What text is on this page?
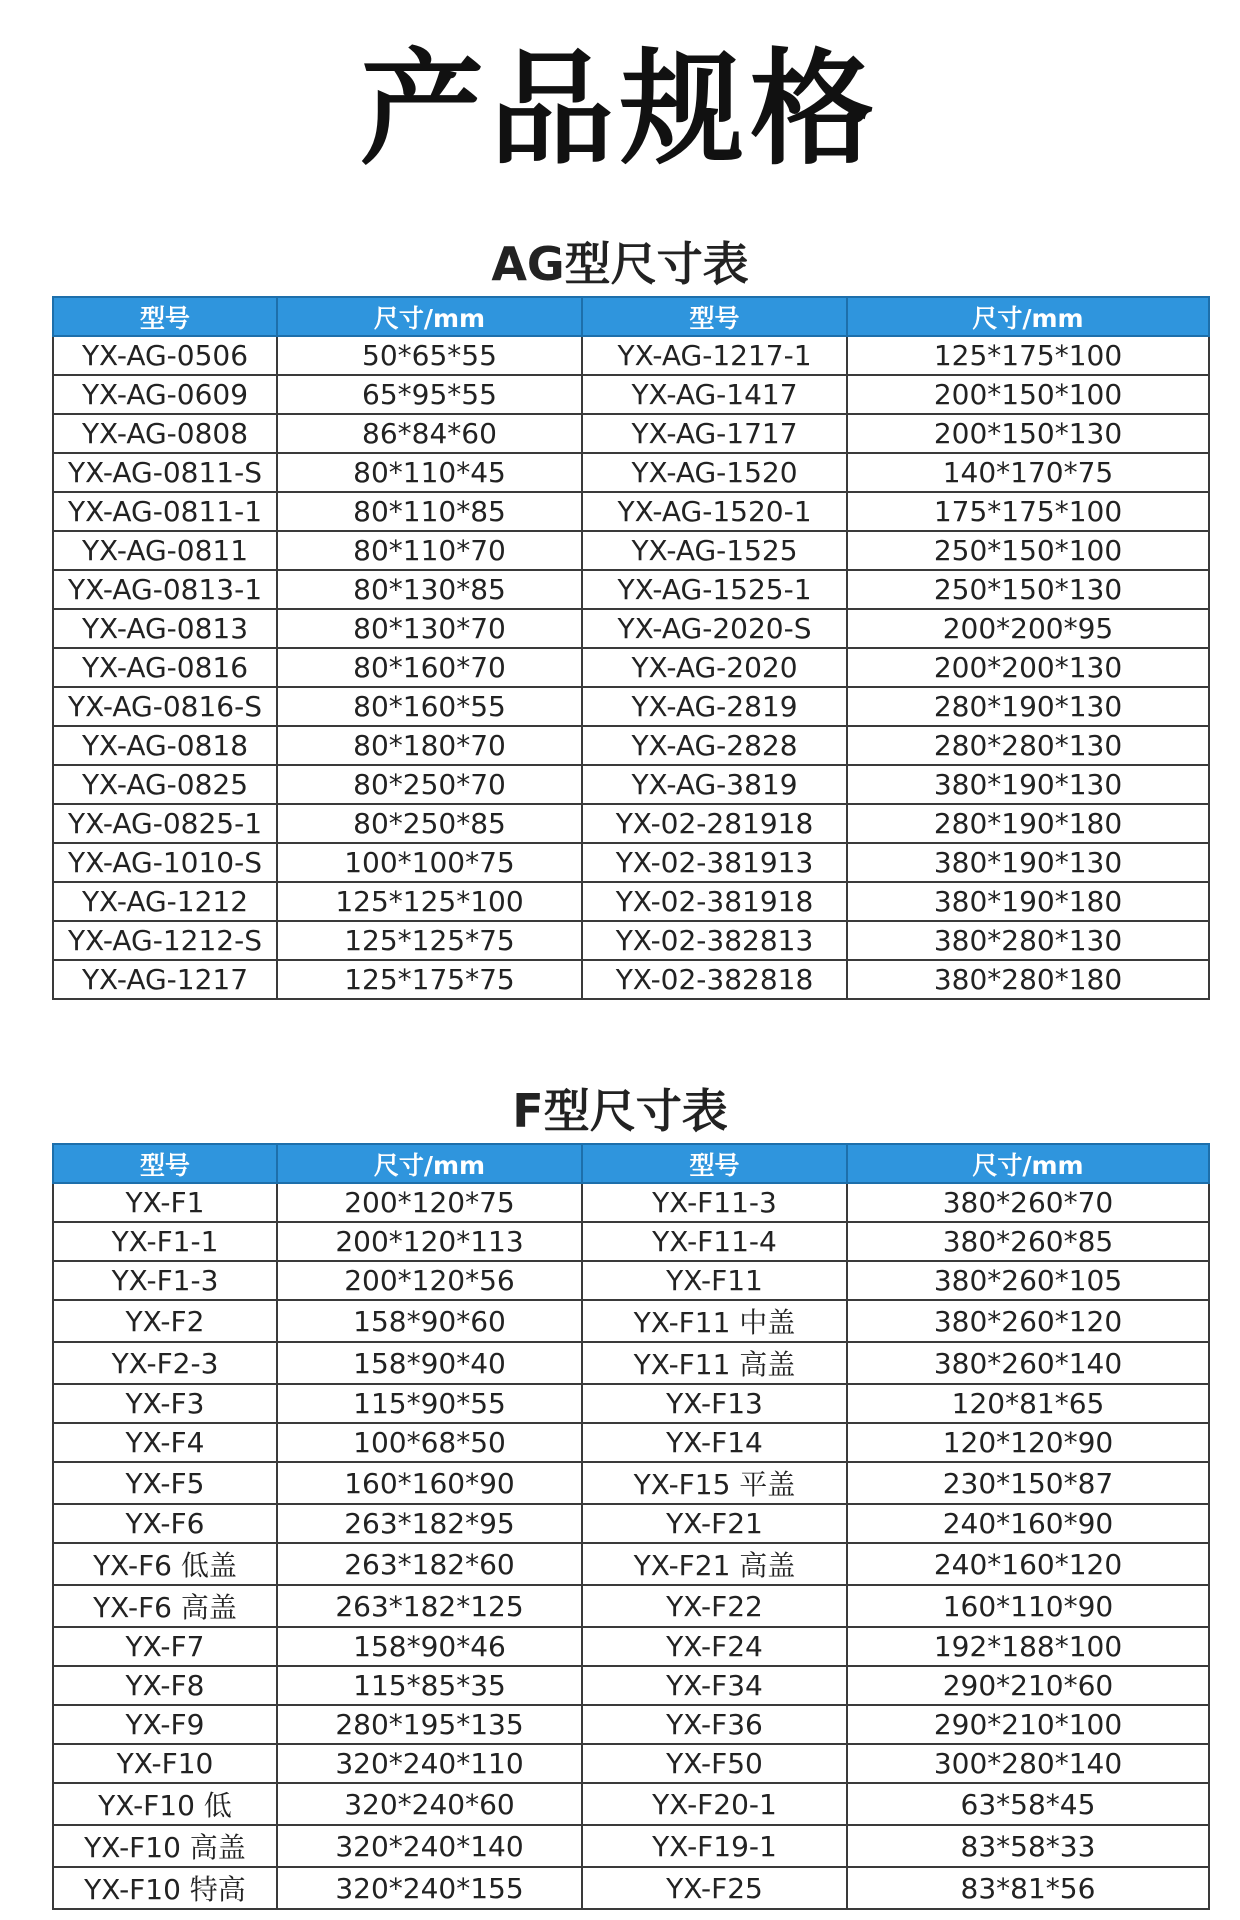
产品规格
AG型尺寸表
型号	尺寸/mm	型号	尺寸/mm
YX-AG-0506	50*65*55	YX-AG-1217-1	125*175*100
YX-AG-0609	65*95*55	YX-AG-1417	200*150*100
YX-AG-0808	86*84*60	YX-AG-1717	200*150*130
YX-AG-0811-S	80*110*45	YX-AG-1520	140*170*75
YX-AG-0811-1	80*110*85	YX-AG-1520-1	175*175*100
YX-AG-0811	80*110*70	YX-AG-1525	250*150*100
YX-AG-0813-1	80*130*85	YX-AG-1525-1	250*150*130
YX-AG-0813	80*130*70	YX-AG-2020-S	200*200*95
YX-AG-0816	80*160*70	YX-AG-2020	200*200*130
YX-AG-0816-S	80*160*55	YX-AG-2819	280*190*130
YX-AG-0818	80*180*70	YX-AG-2828	280*280*130
YX-AG-0825	80*250*70	YX-AG-3819	380*190*130
YX-AG-0825-1	80*250*85	YX-02-281918	280*190*180
YX-AG-1010-S	100*100*75	YX-02-381913	380*190*130
YX-AG-1212	125*125*100	YX-02-381918	380*190*180
YX-AG-1212-S	125*125*75	YX-02-382813	380*280*130
YX-AG-1217	125*175*75	YX-02-382818	380*280*180
F型尺寸表
型号	尺寸/mm	型号	尺寸/mm
YX-F1	200*120*75	YX-F11-3	380*260*70
YX-F1-1	200*120*113	YX-F11-4	380*260*85
YX-F1-3	200*120*56	YX-F11	380*260*105
YX-F2	158*90*60	YX-F11 中盖	380*260*120
YX-F2-3	158*90*40	YX-F11 高盖	380*260*140
YX-F3	115*90*55	YX-F13	120*81*65
YX-F4	100*68*50	YX-F14	120*120*90
YX-F5	160*160*90	YX-F15 平盖	230*150*87
YX-F6	263*182*95	YX-F21	240*160*90
YX-F6 低盖	263*182*60	YX-F21 高盖	240*160*120
YX-F6 高盖	263*182*125	YX-F22	160*110*90
YX-F7	158*90*46	YX-F24	192*188*100
YX-F8	115*85*35	YX-F34	290*210*60
YX-F9	280*195*135	YX-F36	290*210*100
YX-F10	320*240*110	YX-F50	300*280*140
YX-F10 低	320*240*60	YX-F20-1	63*58*45
YX-F10 高盖	320*240*140	YX-F19-1	83*58*33
YX-F10 特高	320*240*155	YX-F25	83*81*56
